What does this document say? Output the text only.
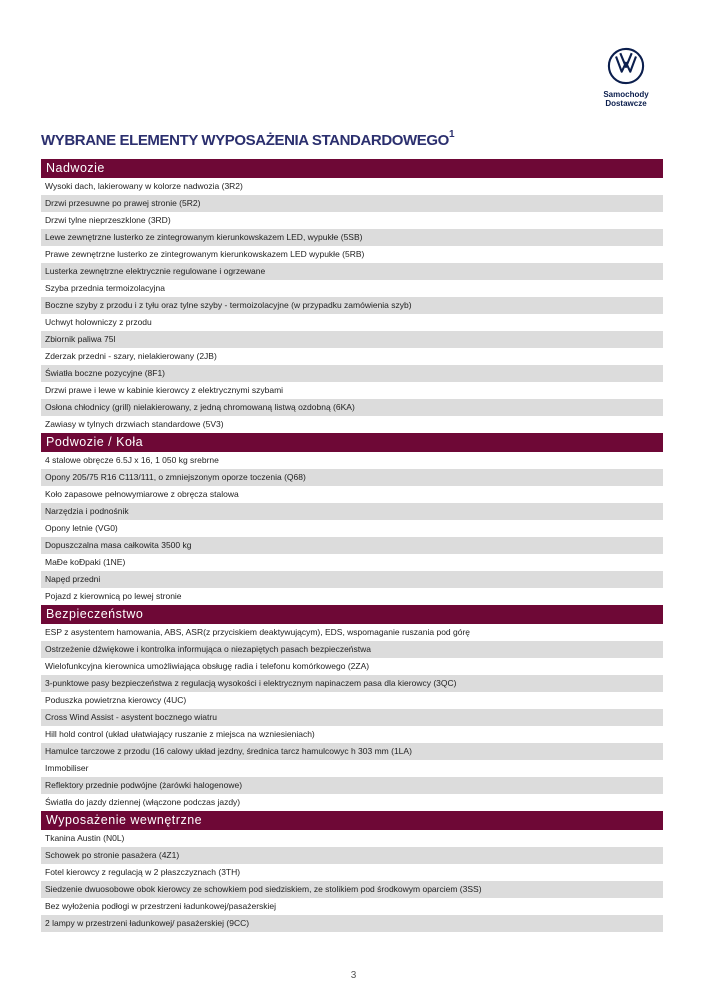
Samochody
Dostawcze
WYBRANE ELEMENTY WYPOSAŻENIA STANDARDOWEGO$^1$
Nadwozie
Wysoki dach, lakierowany w kolorze nadwozia (3R2)
Drzwi przesuwne po prawej stronie (5R2)
Drzwi tylne nieprzeszklone (3RD)
Lewe zewnętrzne lusterko ze zintegrowanym kierunkowskazem LED, wypukłe (5SB)
Prawe zewnętrzne lusterko ze zintegrowanym kierunkowskazem LED wypukłe (5RB)
Lusterka zewnętrzne elektrycznie regulowane i ogrzewane
Szyba przednia termoizolacyjna
Boczne szyby z przodu i z tyłu oraz tylne szyby - termoizolacyjne (w przypadku zamówienia szyb)
Uchwyt holowniczy z przodu
Zbiornik paliwa 75l
Zderzak przedni - szary, nielakierowany (2JB)
Światła boczne pozycyjne (8F1)
Drzwi prawe i lewe w kabinie kierowcy z elektrycznymi szybami
Osłona chłodnicy (grill) nielakierowany, z jedną chromowaną listwą ozdobną (6KA)
Zawiasy w tylnych drzwiach standardowe (5V3)
Podwozie / Koła
4 stalowe obręcze 6.5J x 16, 1 050 kg srebrne
Opony 205/75 R16 C113/111, o zmniejszonym oporze toczenia (Q68)
Koło zapasowe pełnowymiarowe z obręcza stalowa
Narzędzia i podnośnik
Opony letnie (VG0)
Dopuszczalna masa całkowita 3500 kg
MaĐe koĐpaki (1NE)
Napęd przedni
Pojazd z kierownicą po lewej stronie
Bezpieczeństwo
ESP z asystentem hamowania, ABS, ASR(z przyciskiem deaktywującym), EDS, wspomaganie ruszania pod górę
Ostrzeżenie dźwiękowe i kontrolka informująca o niezapiętych pasach bezpieczeństwa
Wielofunkcyjna kierownica umożliwiająca obsługę radia i telefonu komórkowego (2ZA)
3-punktowe pasy bezpieczeństwa z regulacją wysokości i elektrycznym napinaczem pasa dla kierowcy (3QC)
Poduszka powietrzna kierowcy (4UC)
Cross Wind Assist - asystent bocznego wiatru
Hill hold control (układ ułatwiający ruszanie z miejsca na wzniesieniach)
Hamulce tarczowe z przodu (16 calowy układ jezdny, średnica tarcz hamulcowyc h 303 mm (1LA)
Immobiliser
Reflektory przednie podwójne (żarówki halogenowe)
Światła do jazdy dziennej (włączone podczas jazdy)
Wyposażenie wewnętrzne
Tkanina Austin (N0L)
Schowek po stronie pasażera (4Z1)
Fotel kierowcy z regulacją w 2 płaszczyznach (3TH)
Siedzenie dwuosobowe obok kierowcy ze schowkiem pod siedziskiem, ze stolikiem pod środkowym oparciem (3SS)
Bez wyłożenia podłogi w przestrzeni ładunkowej/pasażerskiej
2 lampy w przestrzeni ładunkowej/ pasażerskiej (9CC)
3
